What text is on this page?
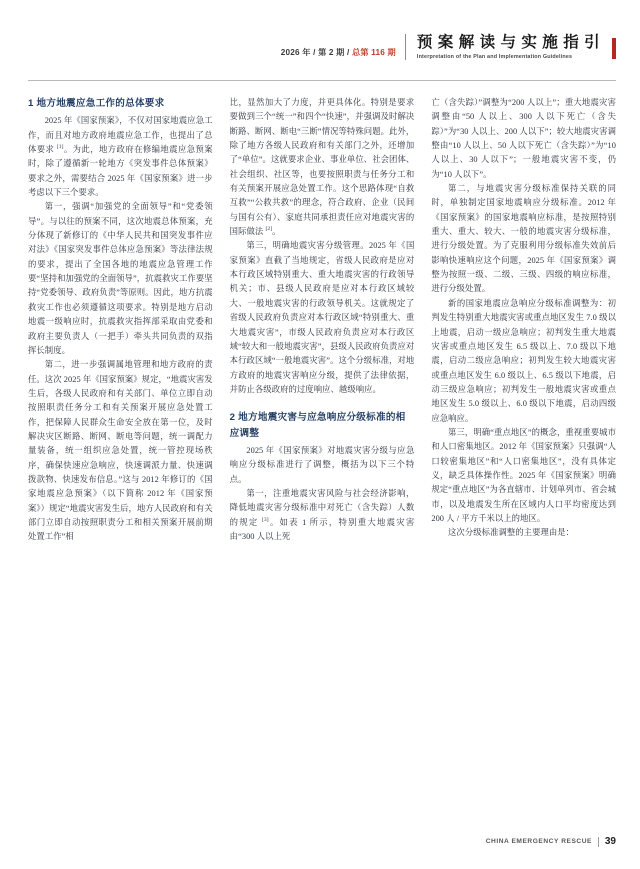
2026 年 / 第 2 期 / 总第 116 期
预案解读与实施指引
Interpretation of the Plan and Implementation Guidelines
1 地方地震应急工作的总体要求

2025 年《国家预案》，不仅对国家地震应急工作，而且对地方政府地震应急工作，也提出了总体要求 [1]。为此，地方政府在修编地震应急预案时，除了遵循新一轮地方《突发事件总体预案》要求之外，需要结合 2025 年《国家预案》进一步考虑以下三个要求。

第一，强调“加强党的全面领导”和“党委领导”。与以往的预案不同，这次地震总体预案，充分体现了新修订的《中华人民共和国突发事件应对法》《国家突发事件总体应急预案》等法律法规的要求，提出了全国各地的地震应急管理工作要“坚持和加强党的全面领导”，抗震救灾工作要坚持“党委领导、政府负责”等原则。因此，地方抗震救灾工作也必须遵循这项要求。特别是地方启动地震一级响应时，抗震救灾指挥部采取由党委和政府主要负责人（一把手）牵头共同负责的双指挥长制度。

第二，进一步强调属地管理和地方政府的责任。这次 2025 年《国家预案》规定，“地震灾害发生后，各级人民政府和有关部门、单位立即自动按照职责任务分工和有关预案开展应急处置工作，把保障人民群众生命安全放在第一位，及时解决灾区断路、断网、断电等问题，统一调配力量装备，统一组织应急处置，统一管控现场秩序，确保快速应急响应，快速调派力量、快速调拨款物、快速发布信息。”这与 2012 年修订的《国家地震应急预案》（以下简称 2012 年《国家预案》）规定“地震灾害发生后，地方人民政府和有关部门立即自动按照职责分工和相关预案开展前期处置工作”相

比，显然加大了力度，并更具体化。特别是要求要做到三个“统一”和四个“快速”，并强调及时解决断路、断网、断电“三断”情况等特殊问题。此外，除了地方各级人民政府和有关部门之外，还增加了“单位”。这就要求企业、事业单位、社会团体、社会组织、社区等，也要按照职责与任务分工和有关预案开展应急处置工作。这个思路体现“自救互救”“公救共救”的理念，符合政府、企业（民间与国有公有）、家庭共同承担责任应对地震灾害的国际做法 [2]。

第三，明确地震灾害分级管理。2025 年《国家预案》直截了当地规定，省级人民政府是应对本行政区域特别重大、重大地震灾害的行政领导机关；市、县级人民政府是应对本行政区域较大、一般地震灾害的行政领导机关。这就规定了省级人民政府负责应对本行政区域“特别重大、重大地震灾害”，市级人民政府负责应对本行政区域“较大和一般地震灾害”，县级人民政府负责应对本行政区域“一般地震灾害”。这个分级标准，对地方政府的地震灾害响应分级，提供了法律依据，并防止各级政府的过度响应、越级响应。

2 地方地震灾害与应急响应分级标准的相应调整

2025 年《国家预案》对地震灾害分级与应急响应分级标准进行了调整，概括为以下三个特点。

第一，注重地震灾害风险与社会经济影响，降低地震灾害分级标准中对死亡（含失踪）人数的规定 [3]。如表 1 所示，特别重大地震灾害由“300 人以上死

亡（含失踪）”调整为“200 人以上”；重大地震灾害调整由“50 人以上、300 人以下死亡（含失踪）”为“30 人以上、200 人以下”；较大地震灾害调整由“10 人以上、50 人以下死亡（含失踪）”为“10 人以上、30 人以下”；一般地震灾害不变，仍为“10 人以下”。

第二，与地震灾害分级标准保持关联的同时，单独制定国家地震响应分级标准。2012 年《国家预案》的国家地震响应标准，是按照特别重大、重大、较大、一般的地震灾害分级标准，进行分级处置。为了克服利用分级标准失效前后影响快速响应这个问题，2025 年《国家预案》调整为按照一级、二级、三级、四级的响应标准，进行分级处置。

新的国家地震应急响应分级标准调整为：初判发生特别重大地震灾害或重点地区发生 7.0 级以上地震，启动一级应急响应；初判发生重大地震灾害或重点地区发生 6.5 级以上、7.0 级以下地震，启动二级应急响应；初判发生较大地震灾害或重点地区发生 6.0 级以上、6.5 级以下地震，启动三级应急响应；初判发生一般地震灾害或重点地区发生 5.0 级以上、6.0 级以下地震，启动四级应急响应。

第三，明确“重点地区”的概念，重视重要城市和人口密集地区。2012 年《国家预案》只强调“人口较密集地区”和“人口密集地区”，没有具体定义，缺乏具体操作性。2025 年《国家预案》明确规定“重点地区”为各直辖市、计划单列市、省会城市，以及地震发生所在区域内人口平均密度达到 200 人 / 平方千米以上的地区。

这次分级标准调整的主要理由是：

CHINA EMERGENCY RESCUE 39
